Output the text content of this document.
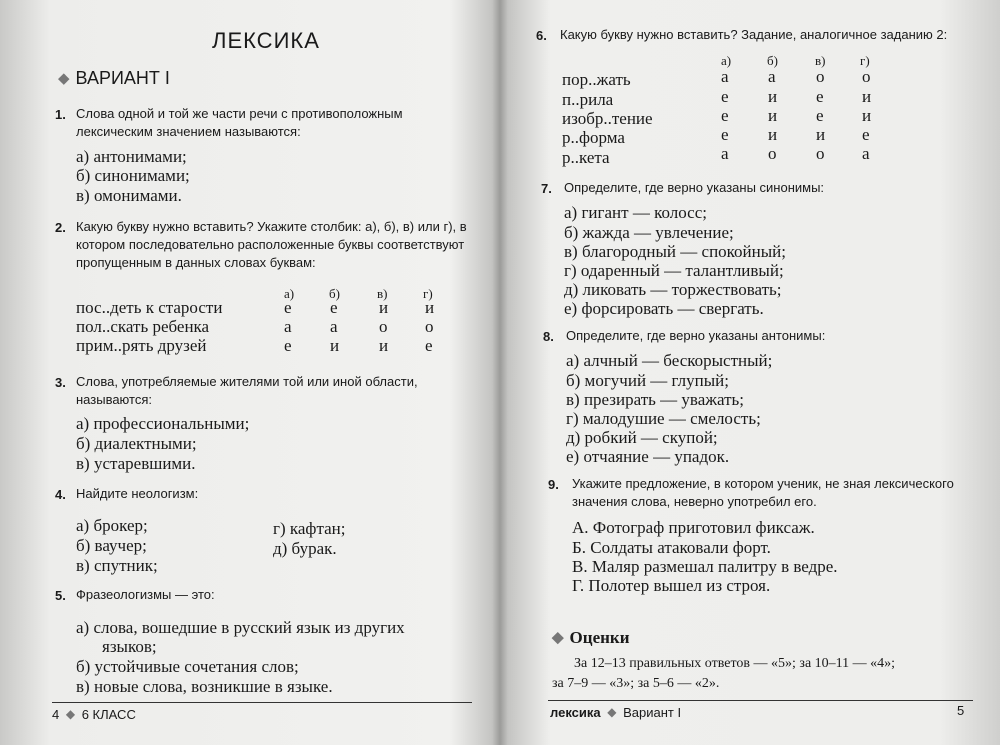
ЛЕКСИКА
◆ ВАРИАНТ I
1. Слова одной и той же части речи с противоположным лексическим значением называются:
а) антонимами;
б) синонимами;
в) омонимами.
2. Какую букву нужно вставить? Укажите столбик: а), б), в) или г), в котором последовательно расположенные буквы соответствуют пропущенным в данных словах буквам:
а)	б)	в)	г)
пос..деть к старости	е е и и
пол..скать ребенка	а а о о
прим..рять друзей	е и и е
3. Слова, употребляемые жителями той или иной области, называются:
а) профессиональными;
б) диалектными;
в) устаревшими.
4. Найдите неологизм:
а) брокер;
б) ваучер;
в) спутник;
г) кафтан;
д) бурак.
5. Фразеологизмы — это:
а) слова, вошедшие в русский язык из других
языков;
б) устойчивые сочетания слов;
в) новые слова, возникшие в языке.
4 ◆ 6 КЛАСС
6. Какую букву нужно вставить? Задание, аналогичное заданию 2:
а)	б)	в)	г)
пор..жать	а а о о
п..рила	е и е и
изобр..тение	е и е и
р..форма	е и и е
р..кета	а о о а
7. Определите, где верно указаны синонимы:
а) гигант — колосс;
б) жажда — увлечение;
в) благородный — спокойный;
г) одаренный — талантливый;
д) ликовать — торжествовать;
е) форсировать — свергать.
8. Определите, где верно указаны антонимы:
а) алчный — бескорыстный;
б) могучий — глупый;
в) презирать — уважать;
г) малодушие — смелость;
д) робкий — скупой;
е) отчаяние — упадок.
9. Укажите предложение, в котором ученик, не зная лексического значения слова, неверно употребил его.
А. Фотограф приготовил фиксаж.
Б. Солдаты атаковали форт.
В. Маляр размешал палитру в ведре.
Г. Полотер вышел из строя.
◆ Оценки
За 12–13 правильных ответов — «5»; за 10–11 — «4»;
за 7–9 — «3»; за 5–6 — «2».
лексика ◆ Вариант I	5
